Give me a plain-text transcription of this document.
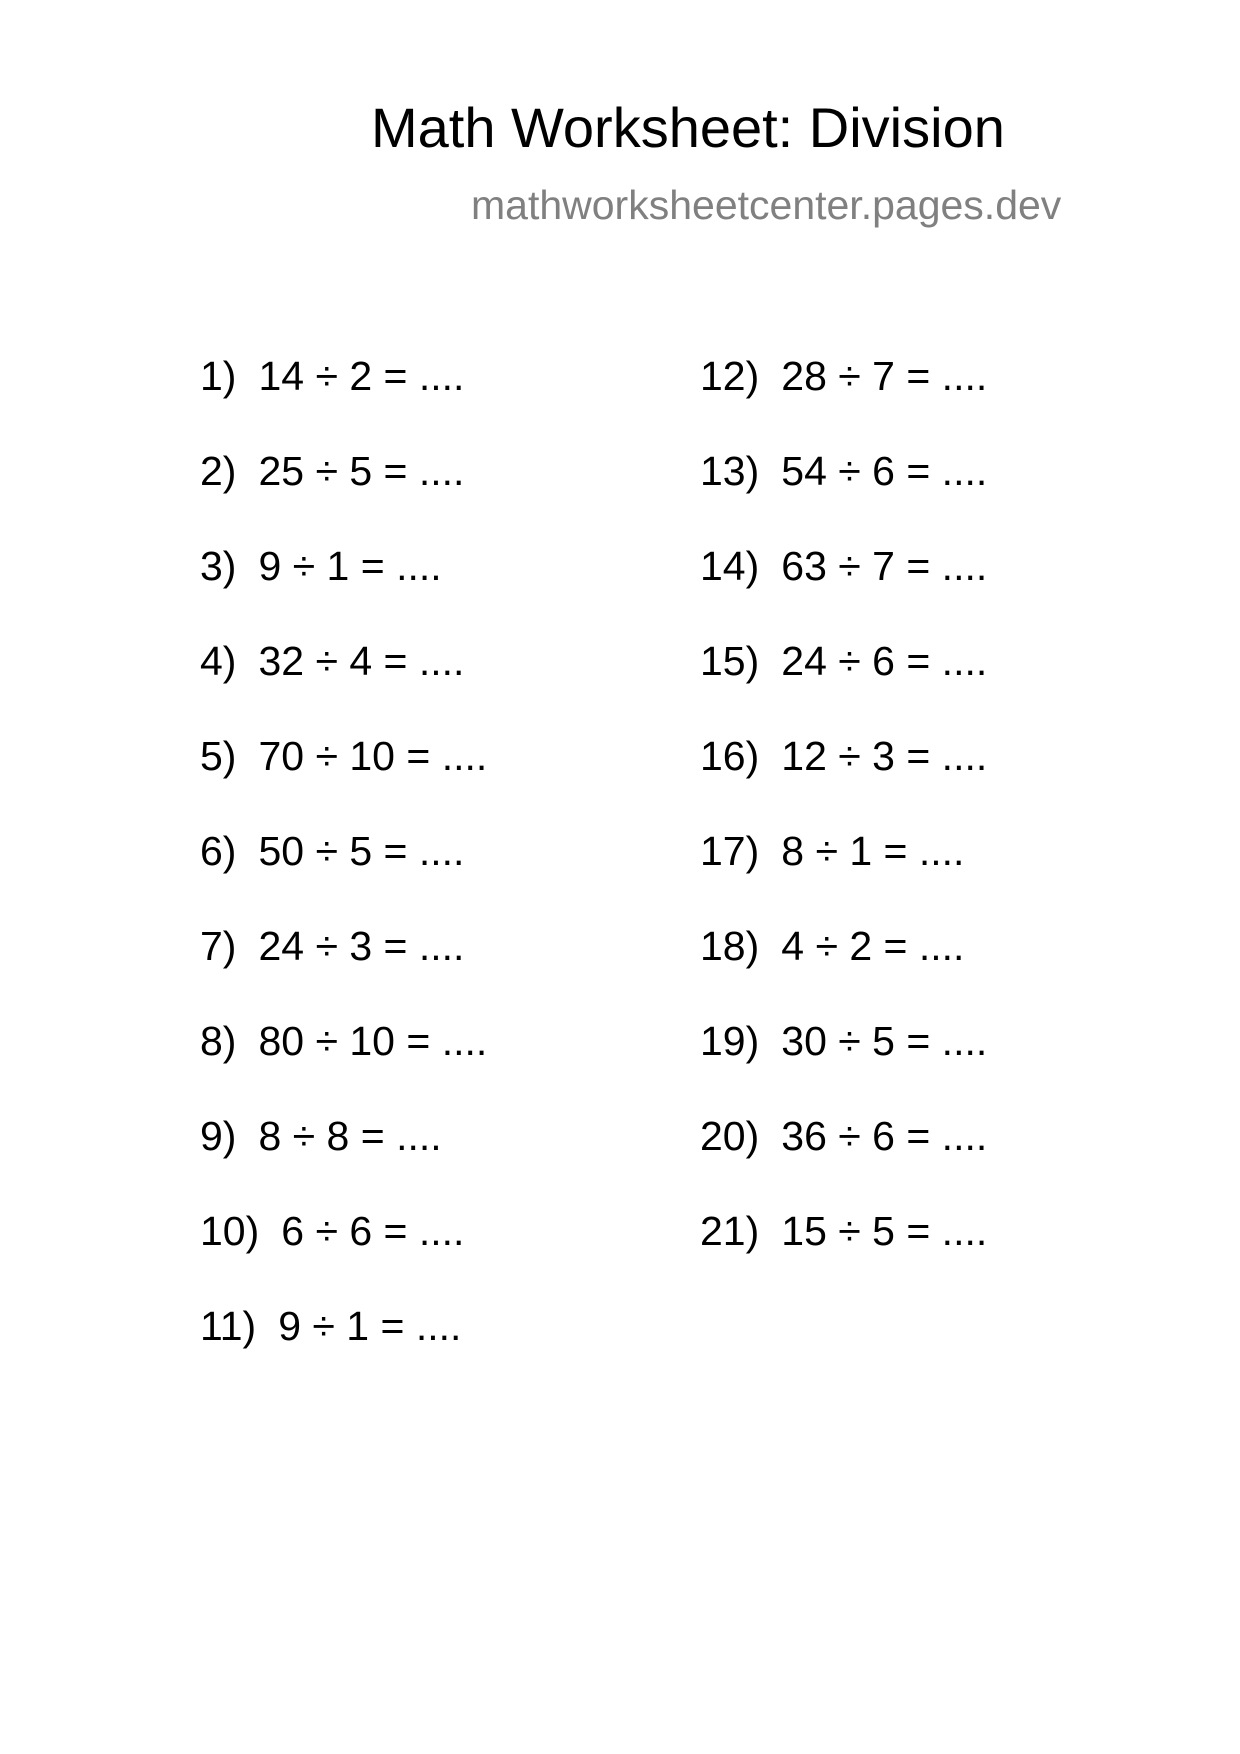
Math Worksheet: Division
mathworksheetcenter.pages.dev
1) 14 ÷ 2 = ....
2) 25 ÷ 5 = ....
3) 9 ÷ 1 = ....
4) 32 ÷ 4 = ....
5) 70 ÷ 10 = ....
6) 50 ÷ 5 = ....
7) 24 ÷ 3 = ....
8) 80 ÷ 10 = ....
9) 8 ÷ 8 = ....
10) 6 ÷ 6 = ....
11) 9 ÷ 1 = ....
12) 28 ÷ 7 = ....
13) 54 ÷ 6 = ....
14) 63 ÷ 7 = ....
15) 24 ÷ 6 = ....
16) 12 ÷ 3 = ....
17) 8 ÷ 1 = ....
18) 4 ÷ 2 = ....
19) 30 ÷ 5 = ....
20) 36 ÷ 6 = ....
21) 15 ÷ 5 = ....
